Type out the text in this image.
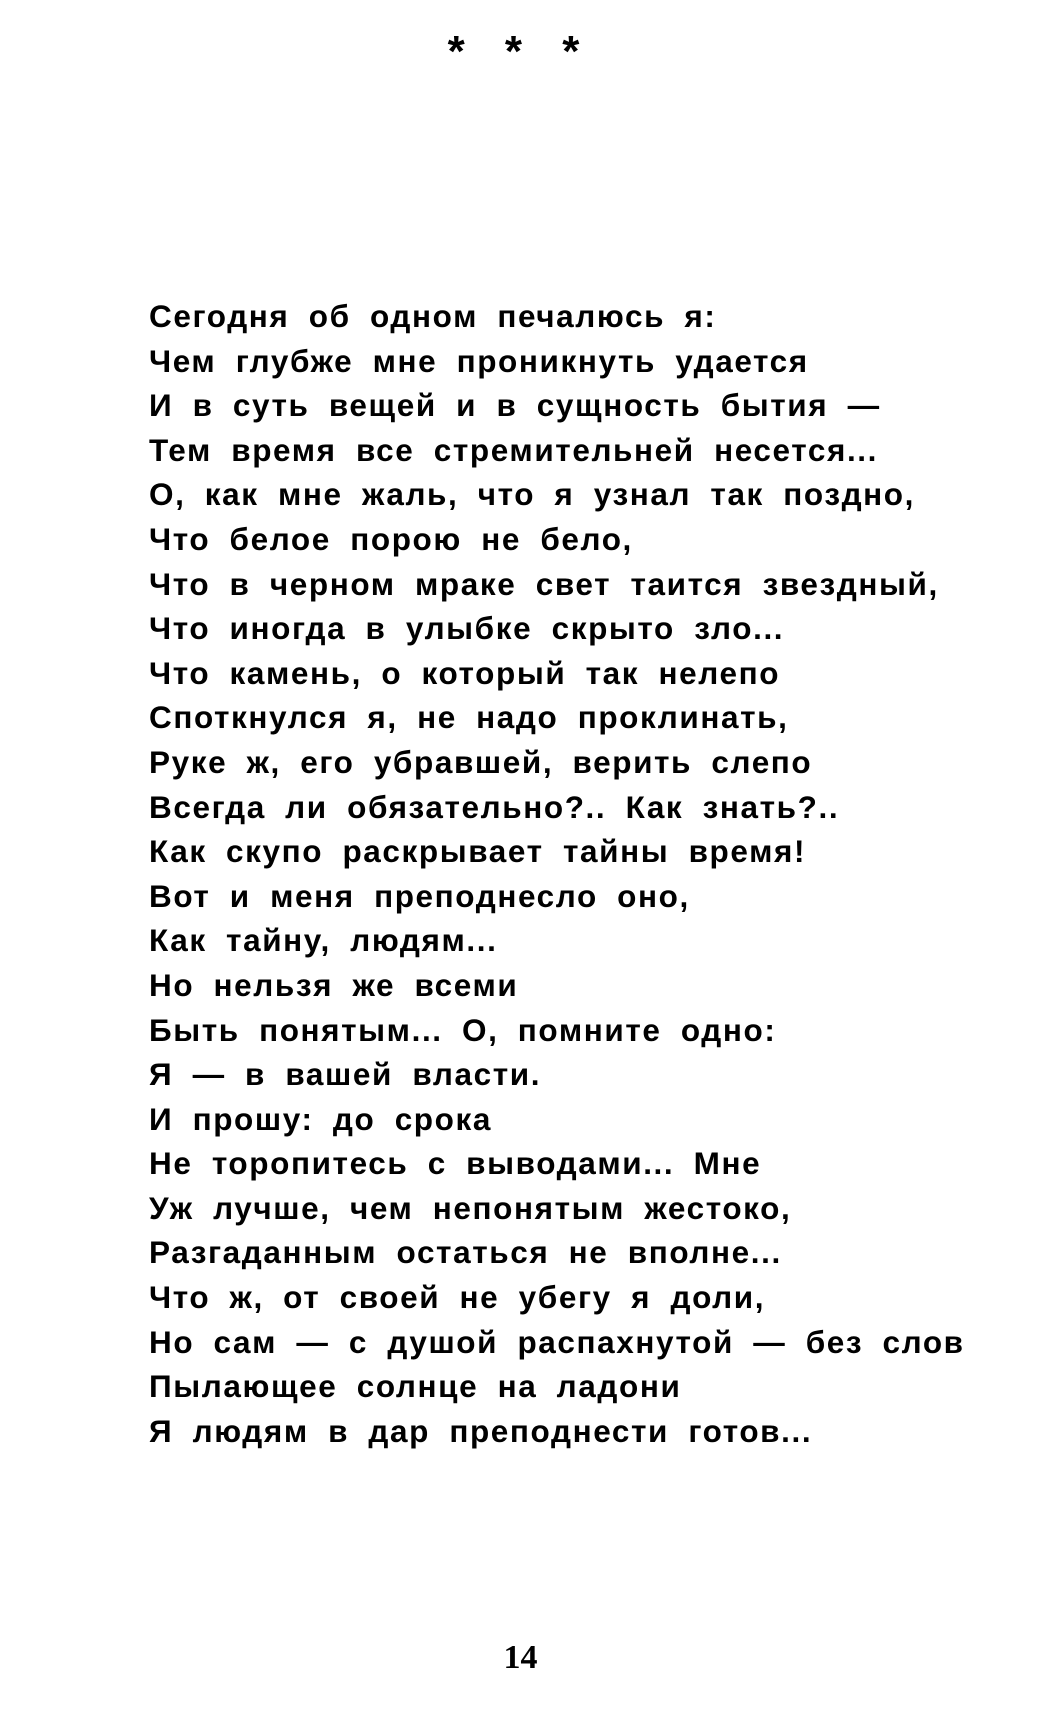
* * *
Сегодня об одном печалюсь я:
Чем глубже мне проникнуть удается
И в суть вещей и в сущность бытия —
Тем время все стремительней несется...
О, как мне жаль, что я узнал так поздно,
Что белое порою не бело,
Что в черном мраке свет таится звездный,
Что иногда в улыбке скрыто зло...
Что камень, о который так нелепо
Споткнулся я, не надо проклинать,
Руке ж, его убравшей, верить слепо
Всегда ли обязательно?.. Как знать?..
Как скупо раскрывает тайны время!
Вот и меня преподнесло оно,
Как тайну, людям...
Но нельзя же всеми
Быть понятым... О, помните одно:
Я — в вашей власти.
И прошу: до срока
Не торопитесь с выводами... Мне
Уж лучше, чем непонятым жестоко,
Разгаданным остаться не вполне...
Что ж, от своей не убегу я доли,
Но сам — с душой распахнутой — без слов
Пылающее солнце на ладони
Я людям в дар преподнести готов...
14
